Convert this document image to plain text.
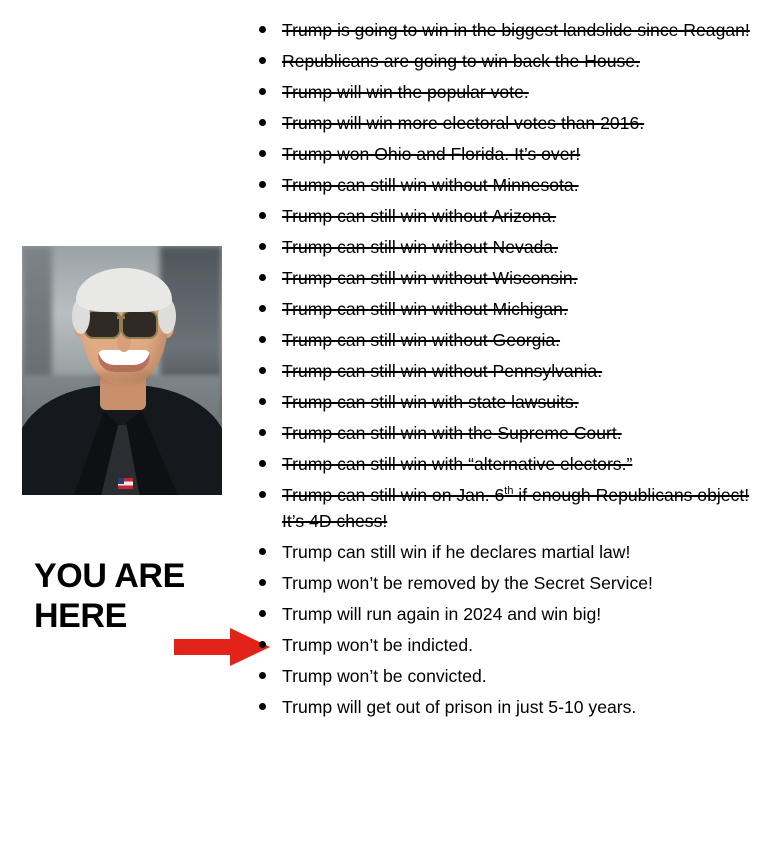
YOU ARE
HERE
Trump is going to win in the biggest landslide since Reagan!
Republicans are going to win back the House.
Trump will win the popular vote.
Trump will win more electoral votes than 2016.
Trump won Ohio and Florida. It’s over!
Trump can still win without Minnesota.
Trump can still win without Arizona.
Trump can still win without Nevada.
Trump can still win without Wisconsin.
Trump can still win without Michigan.
Trump can still win without Georgia.
Trump can still win without Pennsylvania.
Trump can still win with state lawsuits.
Trump can still win with the Supreme Court.
Trump can still win with “alternative electors.”
Trump can still win on Jan. 6th if enough Republicans object! It’s 4D chess!
Trump can still win if he declares martial law!
Trump won’t be removed by the Secret Service!
Trump will run again in 2024 and win big!
Trump won’t be indicted.
Trump won’t be convicted.
Trump will get out of prison in just 5-10 years.
